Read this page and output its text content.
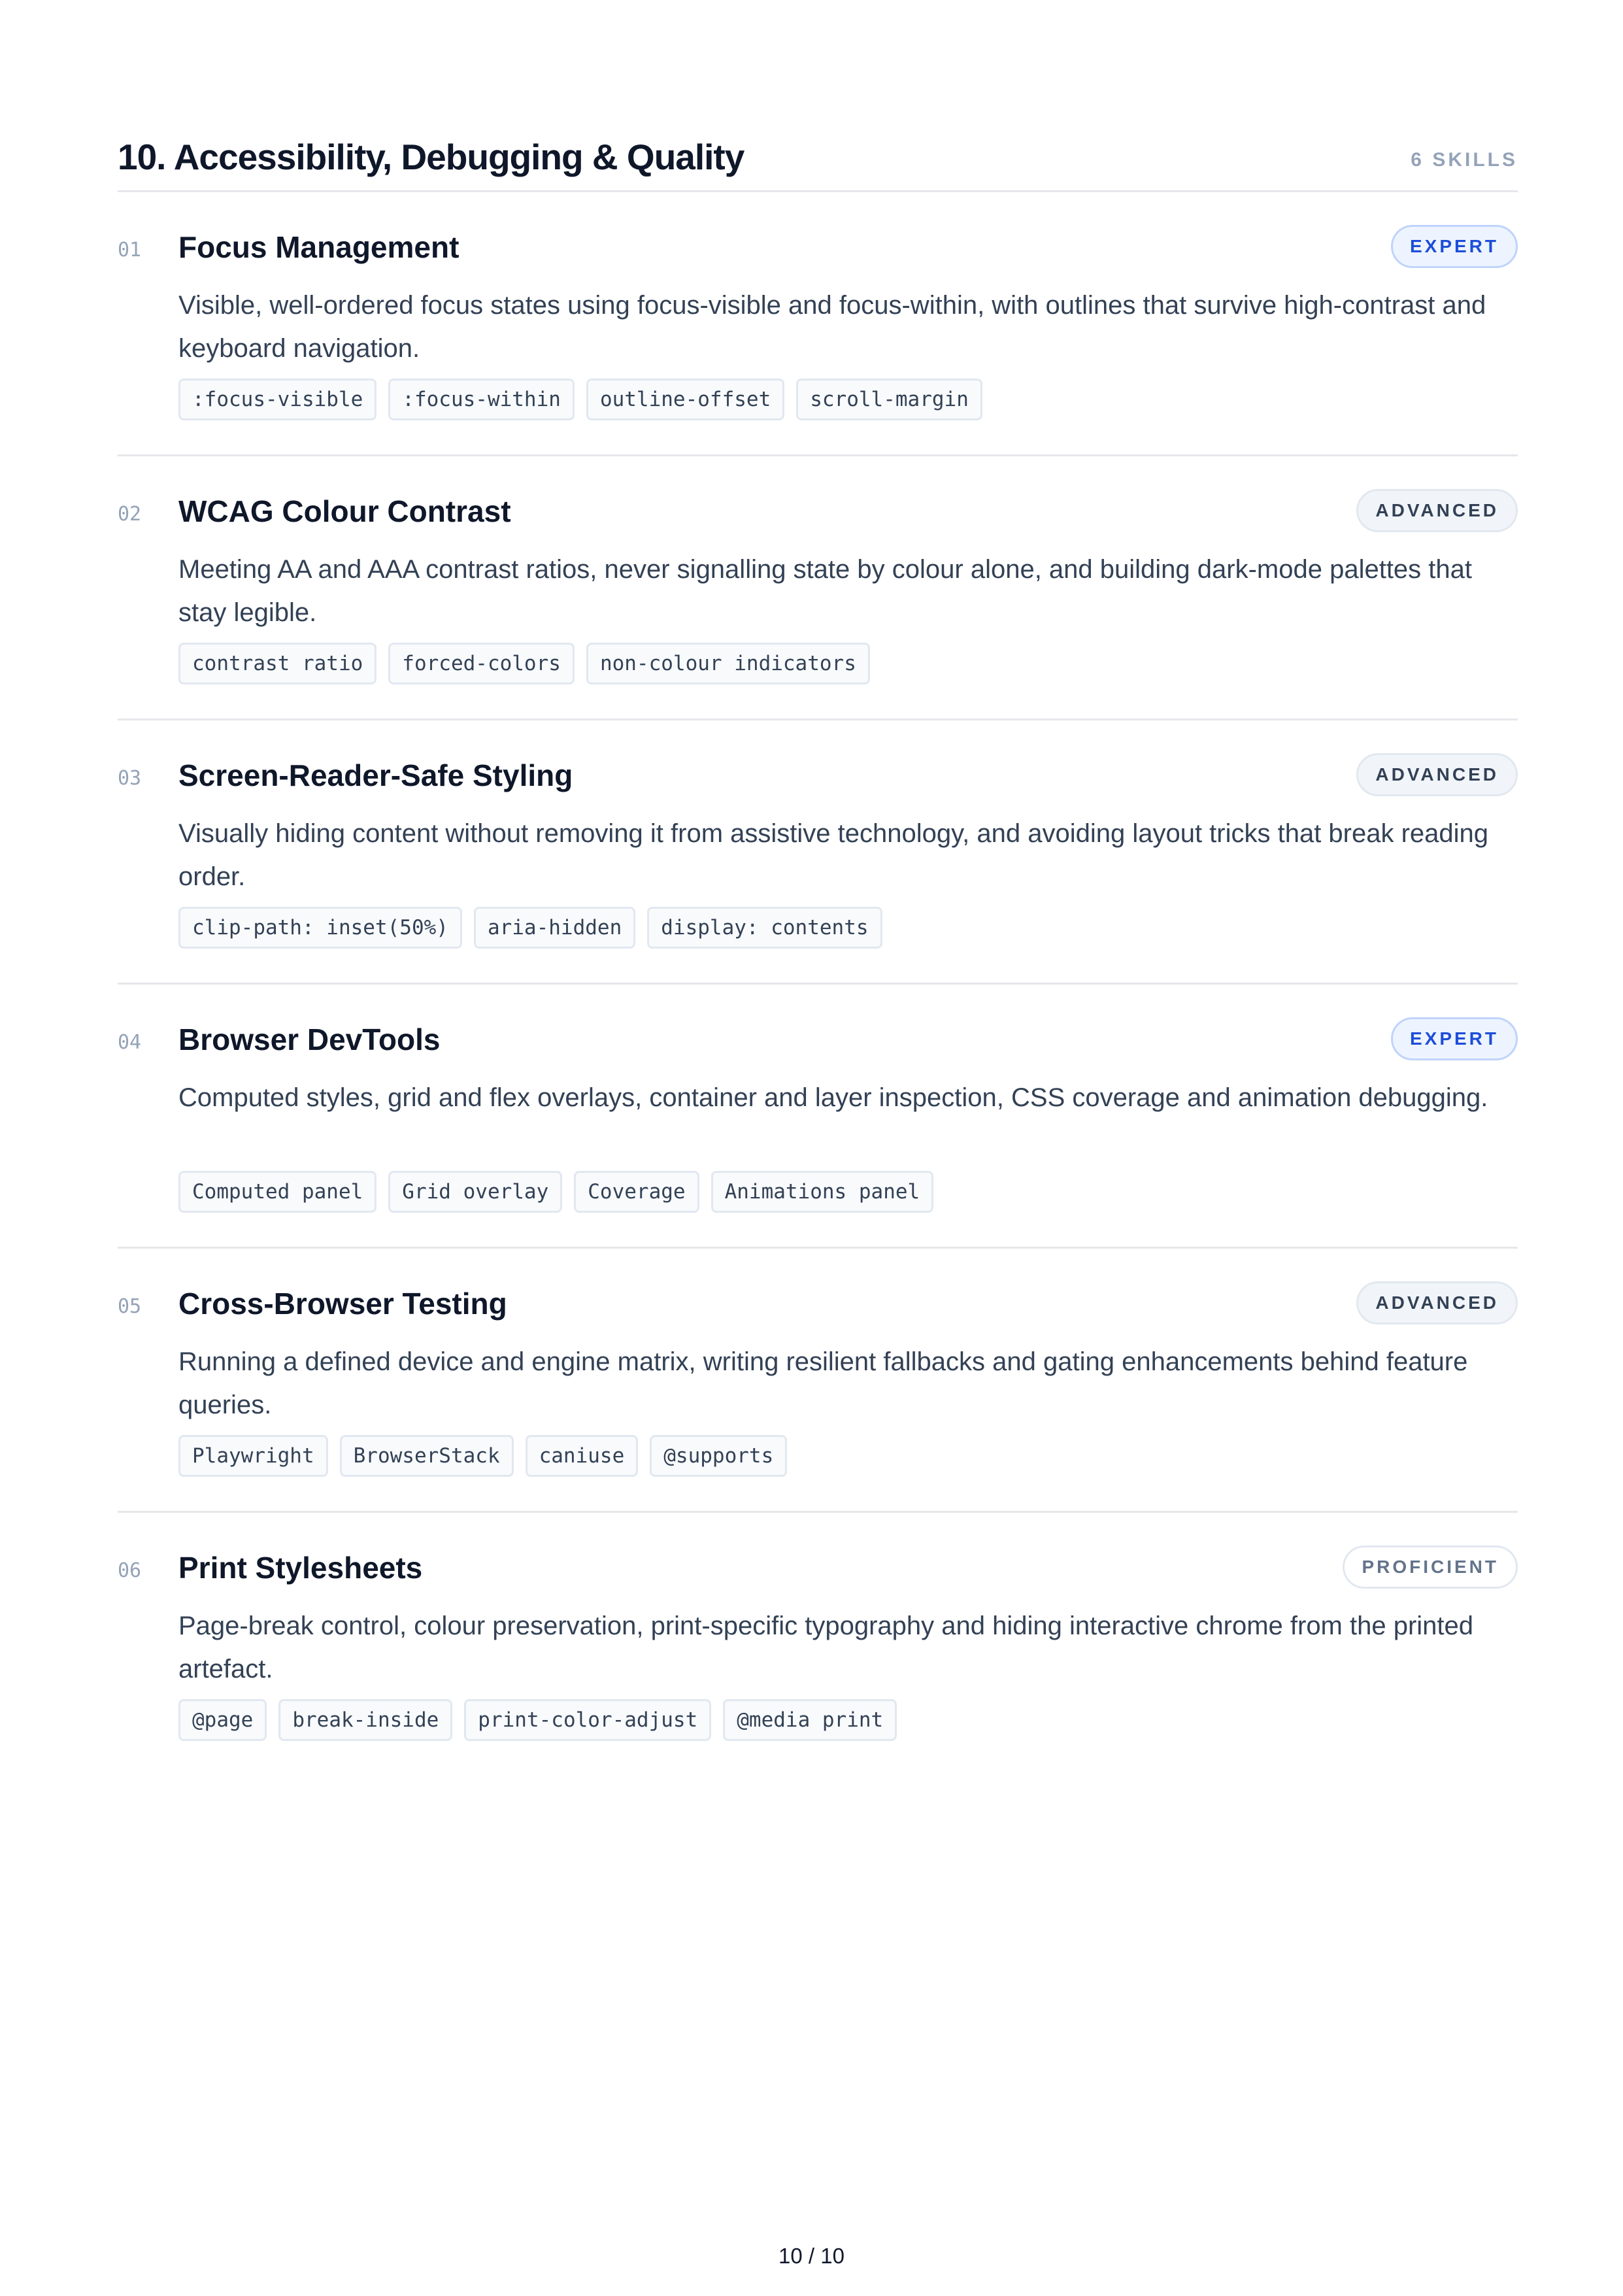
10. Accessibility, Debugging & Quality	6 SKILLS
01 Focus Management	EXPERT

Visible, well-ordered focus states using focus-visible and focus-within, with outlines that survive high-contrast and keyboard navigation.

:focus-visible	:focus-within	outline-offset	scroll-margin
02 WCAG Colour Contrast	ADVANCED

Meeting AA and AAA contrast ratios, never signalling state by colour alone, and building dark-mode palettes that stay legible.

contrast ratio	forced-colors	non-colour indicators
03 Screen-Reader-Safe Styling	ADVANCED

Visually hiding content without removing it from assistive technology, and avoiding layout tricks that break reading order.

clip-path: inset(50%)	aria-hidden	display: contents
04 Browser DevTools	EXPERT

Computed styles, grid and flex overlays, container and layer inspection, CSS coverage and animation debugging.

Computed panel	Grid overlay	Coverage	Animations panel
05 Cross-Browser Testing	ADVANCED

Running a defined device and engine matrix, writing resilient fallbacks and gating enhancements behind feature queries.

Playwright	BrowserStack	caniuse	@supports
06 Print Stylesheets	PROFICIENT

Page-break control, colour preservation, print-specific typography and hiding interactive chrome from the printed artefact.

@page	break-inside	print-color-adjust	@media print
10 / 10
